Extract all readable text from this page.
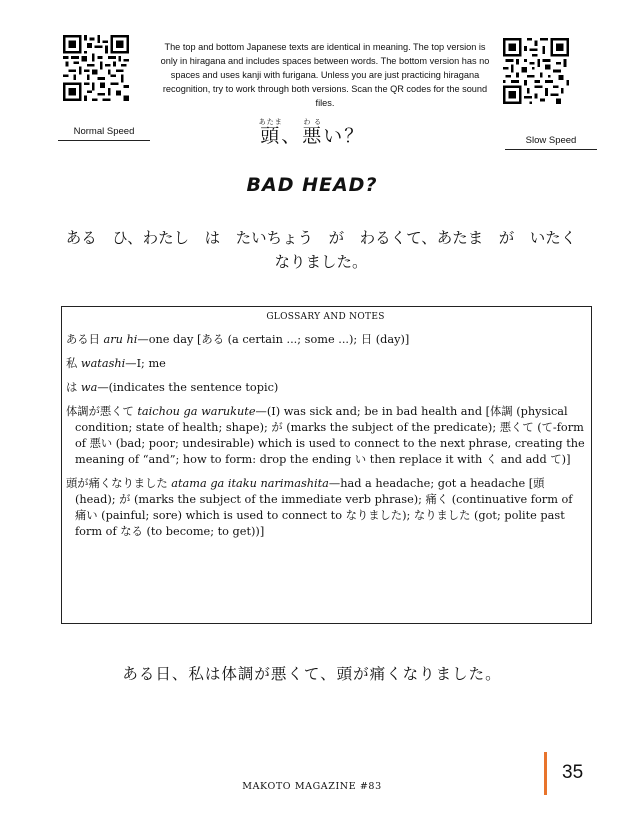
Normal Speed
Slow Speed

The top and bottom Japanese texts are identical in meaning. The top version is only in hiragana and includes spaces between words. The bottom version has no spaces and uses kanji with furigana. Unless you are just practicing hiragana recognition, try to work through both versions. Scan the QR codes for the sound files.

頭あたま、悪わるい？
BAD HEAD?

ある　ひ、わたし　は　たいちょう　が　わるくて、あたま　が　いたく　なりました。

GLOSSARY AND NOTES
ある日 aru hi—one day [ある (a certain ...; some ...); 日 (day)]
私 watashi—I; me
は wa—(indicates the sentence topic)
体調が悪くて taichou ga warukute—(I) was sick and; be in bad health and [体調 (physical condition; state of health; shape); が (marks the subject of the predicate); 悪くて (て-form of 悪い (bad; poor; undesirable) which is used to connect to the next phrase, creating the meaning of “and”; how to form: drop the ending い then replace it with く and add て)]
頭が痛くなりました atama ga itaku narimashita—had a headache; got a headache [頭 (head); が (marks the subject of the immediate verb phrase); 痛く (continuative form of 痛い (painful; sore) which is used to connect to なりました); なりました (got; polite past form of なる (to become; to get))]

ある日、私は体調が悪くて、頭が痛くなりました。

MAKOTO MAGAZINE #83
35
